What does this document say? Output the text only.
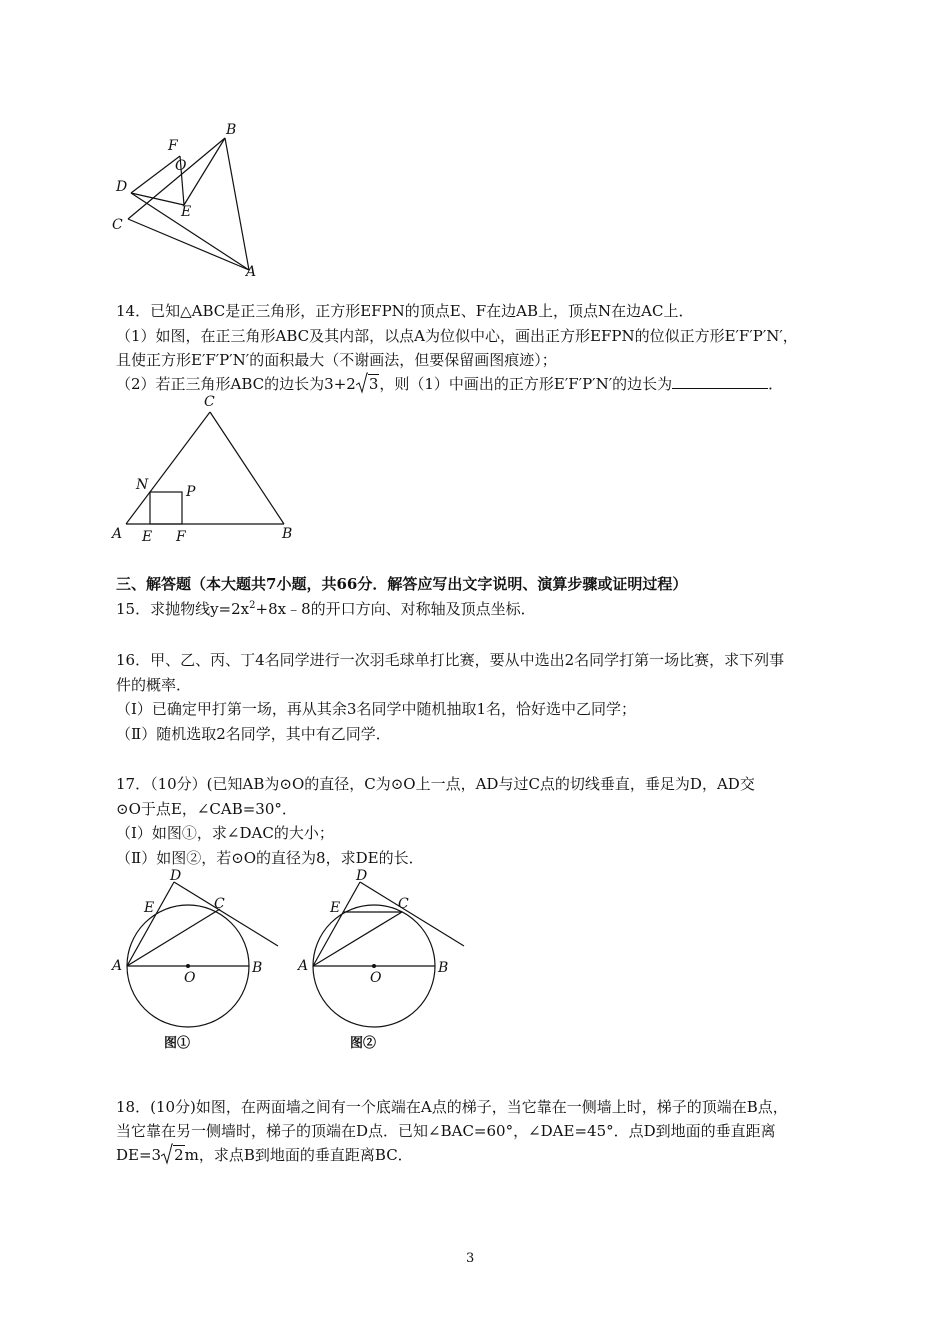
B
F
O
D
E
C
A
14．已知△ABC是正三角形，正方形EFPN的顶点E、F在边AB上，顶点N在边AC上．
（1）如图，在正三角形ABC及其内部，以点A为位似中心，画出正方形EFPN的位似正方形E′F′P′N′，
且使正方形E′F′P′N′的面积最大（不谢画法，但要保留画图痕迹）；
（2）若正三角形ABC的边长为3+2 3，则（1）中画出的正方形E′F′P′N′的边长为	．
C
N	P
A E F	B
三、解答题（本大题共7小题，共66分．解答应写出文字说明、演算步骤或证明过程）
15．求抛物线$y=2x^2+8x﹣8$的开口方向、对称轴及顶点坐标．
16．甲、乙、丙、丁4名同学进行一次羽毛球单打比赛，要从中选出2名同学打第一场比赛，求下列事
件的概率．
（Ⅰ）已确定甲打第一场，再从其余3名同学中随机抽取1名，恰好选中乙同学；
（Ⅱ）随机选取2名同学，其中有乙同学．
17．（10分）(已知AB为⊙O的直径，C为⊙O上一点，AD与过C点的切线垂直，垂足为D，AD交
⊙O于点E，∠CAB=30°．
（Ⅰ）如图①，求∠DAC的大小；
（Ⅱ）如图②，若⊙O的直径为8，求DE的长．
D
E	C
A
O
B
图①
D
E	C
A
O
B
图②
18．(10分)如图，在两面墙之间有一个底端在A点的梯子，当它靠在一侧墙上时，梯子的顶端在B点，
当它靠在另一侧墙时，梯子的顶端在D点．已知∠BAC=60°，∠DAE=45°．点D到地面的垂直距离
DE=3 2m，求点B到地面的垂直距离BC．
3
